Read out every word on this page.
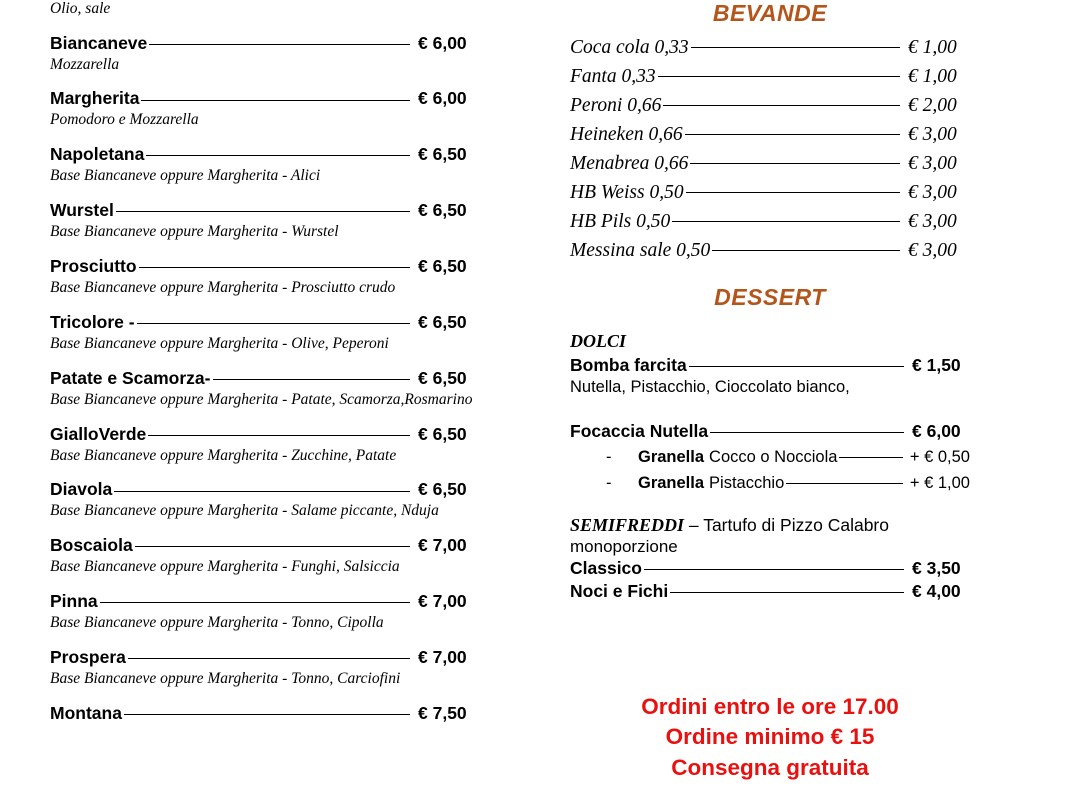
Olio, sale
Biancaneve	€ 6,00
Mozzarella
Margherita	€ 6,00
Pomodoro e Mozzarella
Napoletana	€ 6,50
Base Biancaneve oppure Margherita - Alici
Wurstel	€ 6,50
Base Biancaneve oppure Margherita - Wurstel
Prosciutto	€ 6,50
Base Biancaneve oppure Margherita - Prosciutto crudo
Tricolore -	€ 6,50
Base Biancaneve oppure Margherita - Olive, Peperoni
Patate e Scamorza-	€ 6,50
Base Biancaneve oppure Margherita - Patate, Scamorza,Rosmarino
GialloVerde	€ 6,50
Base Biancaneve oppure Margherita - Zucchine, Patate
Diavola	€ 6,50
Base Biancaneve oppure Margherita - Salame piccante, Nduja
Boscaiola	€ 7,00
Base Biancaneve oppure Margherita - Funghi, Salsiccia
Pinna	€ 7,00
Base Biancaneve oppure Margherita - Tonno, Cipolla
Prospera	€ 7,00
Base Biancaneve oppure Margherita - Tonno, Carciofini
Montana	€ 7,50
BEVANDE
Coca cola 0,33	€ 1,00
Fanta 0,33	€ 1,00
Peroni 0,66	€ 2,00
Heineken 0,66	€ 3,00
Menabrea 0,66	€ 3,00
HB Weiss 0,50	€ 3,00
HB Pils 0,50	€ 3,00
Messina sale 0,50	€ 3,00
DESSERT
DOLCI
Bomba farcita	€ 1,50
Nutella, Pistacchio, Cioccolato bianco,
Focaccia Nutella	€ 6,00
-	Granella Cocco o Nocciola	+ € 0,50
-	Granella Pistacchio	+ € 1,00
SEMIFREDDI – Tartufo di Pizzo Calabro
monoporzione
Classico	€ 3,50
Noci e Fichi	€ 4,00
Ordini entro le ore 17.00
Ordine minimo € 15
Consegna gratuita
